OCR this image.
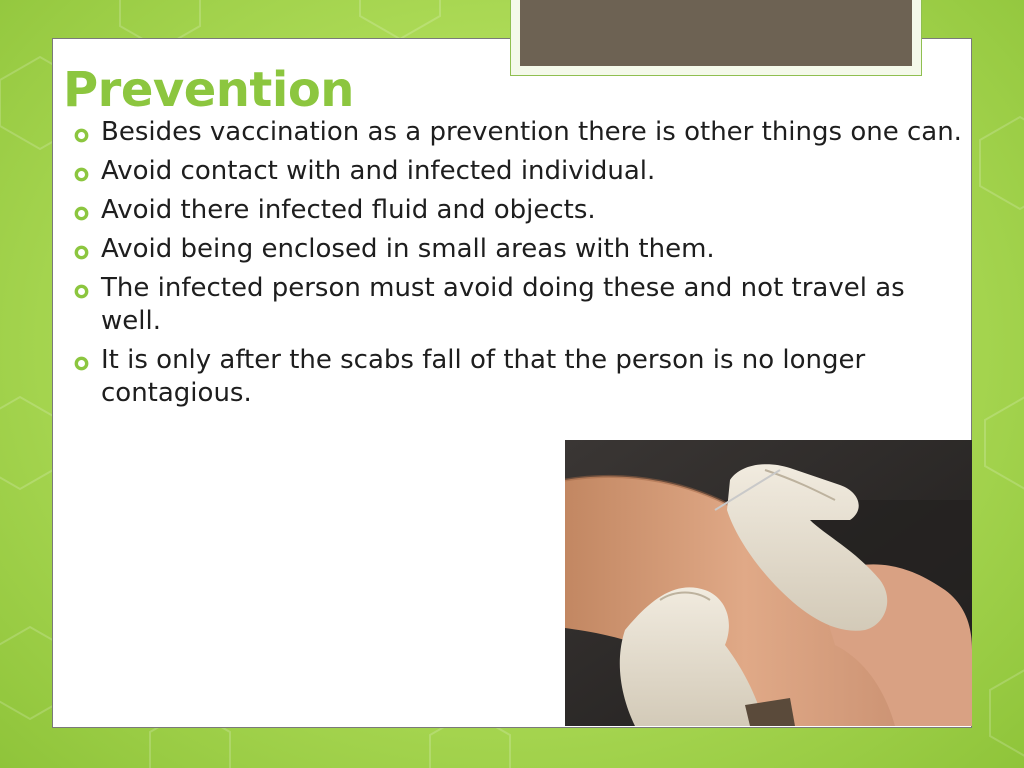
Prevention
Besides vaccination as a prevention there is other things one can.
Avoid contact with and infected individual.
Avoid there infected fluid and objects.
Avoid being enclosed in small areas with them.
The infected person must avoid doing these and not travel as well.
It is only after the scabs fall of that the person is no longer contagious.
